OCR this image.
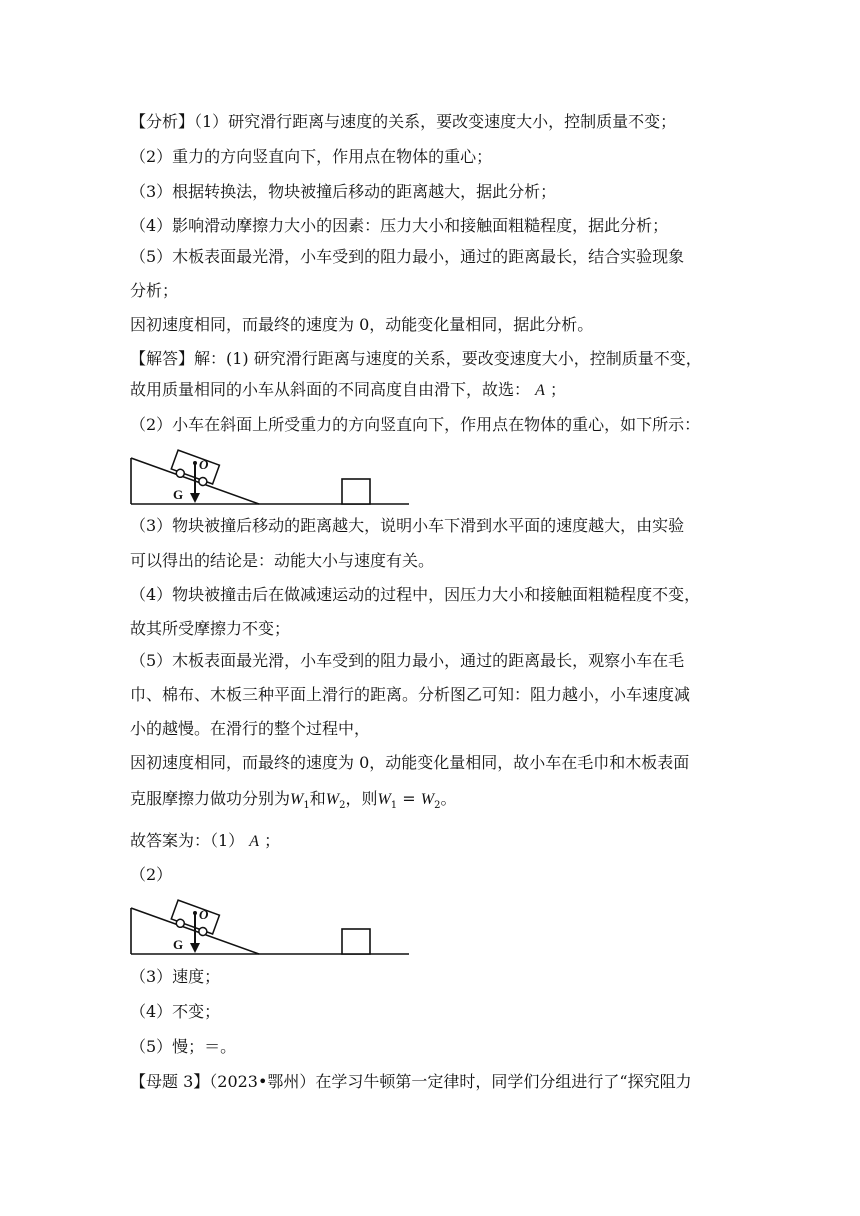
【分析】（1）研究滑行距离与速度的关系，要改变速度大小，控制质量不变；
（2）重力的方向竖直向下，作用点在物体的重心；
（3）根据转换法，物块被撞后移动的距离越大，据此分析；
（4）影响滑动摩擦力大小的因素：压力大小和接触面粗糙程度，据此分析；
（5）木板表面最光滑，小车受到的阻力最小，通过的距离最长，结合实验现象
分析；
因初速度相同，而最终的速度为 0，动能变化量相同，据此分析。
【解答】解：(1) 研究滑行距离与速度的关系，要改变速度大小，控制质量不变，
故用质量相同的小车从斜面的不同高度自由滑下，故选： A ；
（2）小车在斜面上所受重力的方向竖直向下，作用点在物体的重心，如下所示：
O
G
（3）物块被撞后移动的距离越大，说明小车下滑到水平面的速度越大，由实验
可以得出的结论是：动能大小与速度有关。
（4）物块被撞击后在做减速运动的过程中，因压力大小和接触面粗糙程度不变，
故其所受摩擦力不变；
（5）木板表面最光滑，小车受到的阻力最小，通过的距离最长，观察小车在毛
巾、棉布、木板三种平面上滑行的距离。分析图乙可知：阻力越小，小车速度减
小的越慢。在滑行的整个过程中，
因初速度相同，而最终的速度为 0，动能变化量相同，故小车在毛巾和木板表面
克服摩擦力做功分别为$W_1$和$W_2$，则$W_1 = W_2$。
故答案为：（1） A ；
（2）
O
G
（3）速度；
（4）不变；
（5）慢；＝。
【母题 3】（2023•鄂州）在学习牛顿第一定律时，同学们分组进行了“探究阻力
